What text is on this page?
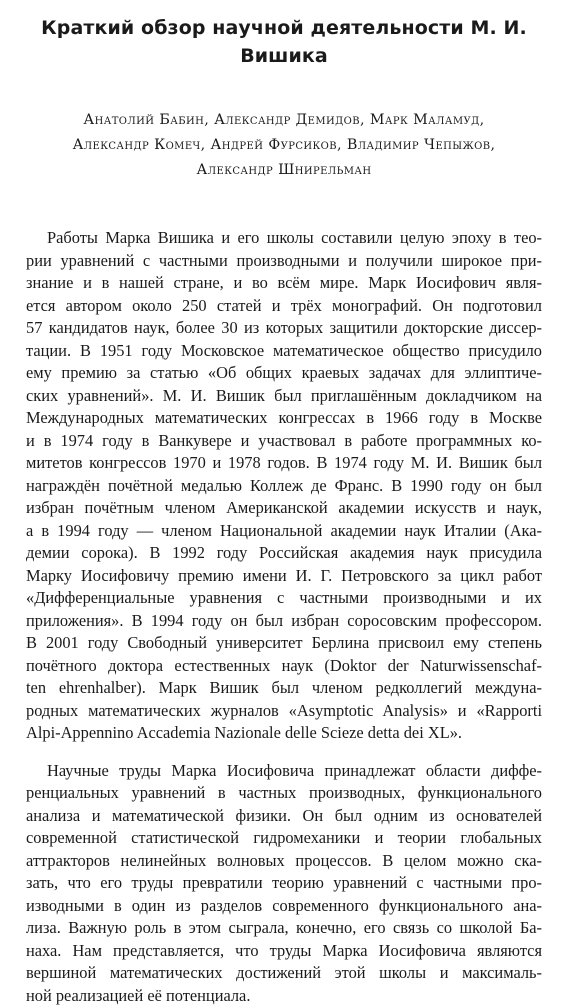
Краткий обзор научной деятельности М. И. Вишика
Анатолий Бабин, Александр Демидов, Марк Маламуд,
Александр Комеч, Андрей Фурсиков, Владимир Чепыжов,
Александр Шнирельман
Работы Марка Вишика и его школы составили целую эпоху в тео-
рии уравнений с частными производными и получили широкое при-
знание и в нашей стране, и во всём мире. Марк Иосифович явля-
ется автором около 250 статей и трёх монографий. Он подготовил
57 кандидатов наук, более 30 из которых защитили докторские диссер-
тации. В 1951 году Московское математическое общество присудило
ему премию за статью «Об общих краевых задачах для эллиптиче-
ских уравнений». М. И. Вишик был приглашённым докладчиком на
Международных математических конгрессах в 1966 году в Москве
и в 1974 году в Ванкувере и участвовал в работе программных ко-
митетов конгрессов 1970 и 1978 годов. В 1974 году М. И. Вишик был
награждён почётной медалью Коллеж де Франс. В 1990 году он был
избран почётным членом Американской академии искусств и наук,
а в 1994 году — членом Национальной академии наук Италии (Ака-
демии сорока). В 1992 году Российская академия наук присудила
Марку Иосифовичу премию имени И. Г. Петровского за цикл работ
«Дифференциальные уравнения с частными производными и их
приложения». В 1994 году он был избран соросовским профессором.
В 2001 году Свободный университет Берлина присвоил ему степень
почётного доктора естественных наук (Doktor der Naturwissenschaf-
ten ehrenhalber). Марк Вишик был членом редколлегий междуна-
родных математических журналов «Asymptotic Analysis» и «Rapporti
Alpi-Appennino Accademia Nazionale delle Scieze detta dei XL».
Научные труды Марка Иосифовича принадлежат области диффе-
ренциальных уравнений в частных производных, функционального
анализа и математической физики. Он был одним из основателей
современной статистической гидромеханики и теории глобальных
аттракторов нелинейных волновых процессов. В целом можно ска-
зать, что его труды превратили теорию уравнений с частными про-
изводными в один из разделов современного функционального ана-
лиза. Важную роль в этом сыграла, конечно, его связь со школой Ба-
наха. Нам представляется, что труды Марка Иосифовича являются
вершиной математических достижений этой школы и максималь-
ной реализацией её потенциала.
